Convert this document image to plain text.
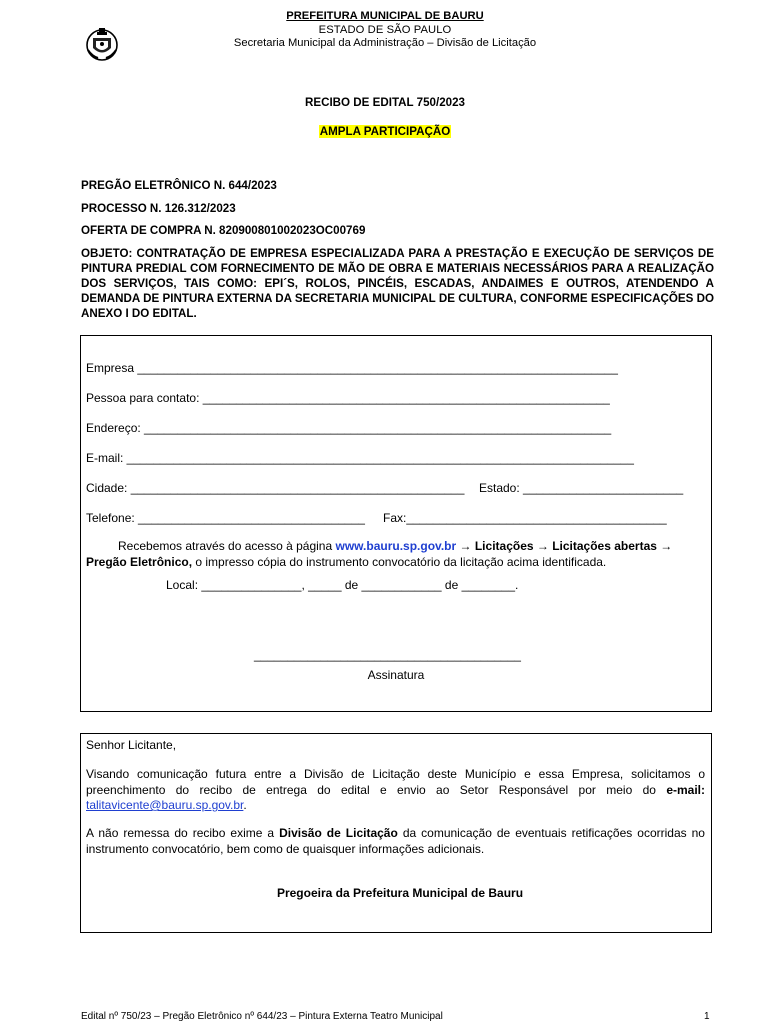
PREFEITURA MUNICIPAL DE BAURU
ESTADO DE SÃO PAULO
Secretaria Municipal da Administração – Divisão de Licitação
RECIBO DE EDITAL 750/2023
AMPLA PARTICIPAÇÃO
PREGÃO ELETRÔNICO N. 644/2023
PROCESSO N. 126.312/2023
OFERTA DE COMPRA N. 820900801002023OC00769
OBJETO: CONTRATAÇÃO DE EMPRESA ESPECIALIZADA PARA A PRESTAÇÃO E EXECUÇÃO DE SERVIÇOS DE PINTURA PREDIAL COM FORNECIMENTO DE MÃO DE OBRA E MATERIAIS NECESSÁRIOS PARA A REALIZAÇÃO DOS SERVIÇOS, TAIS COMO: EPI´S, ROLOS, PINCÉIS, ESCADAS, ANDAIMES E OUTROS, ATENDENDO A DEMANDA DE PINTURA EXTERNA DA SECRETARIA MUNICIPAL DE CULTURA, CONFORME ESPECIFICAÇÕES DO ANEXO I DO EDITAL.
Empresa ________________________________________________________________________
Pessoa para contato: _____________________________________________________________
Endereço: ______________________________________________________________________
E-mail: ____________________________________________________________________________
Cidade: __________________________________________________ Estado: ________________________
Telefone: __________________________________ Fax:_______________________________________
Recebemos através do acesso à página www.bauru.sp.gov.br → Licitações → Licitações abertas → Pregão Eletrônico, o impresso cópia do instrumento convocatório da licitação acima identificada.
Local: _______________, _____ de ____________ de ________.
________________________________________
Assinatura
Senhor Licitante,
Visando comunicação futura entre a Divisão de Licitação deste Município e essa Empresa, solicitamos o preenchimento do recibo de entrega do edital e envio ao Setor Responsável por meio do e-mail: talitavicente@bauru.sp.gov.br.
A não remessa do recibo exime a Divisão de Licitação da comunicação de eventuais retificações ocorridas no instrumento convocatório, bem como de quaisquer informações adicionais.
Pregoeira da Prefeitura Municipal de Bauru
Edital nº 750/23 – Pregão Eletrônico nº 644/23 – Pintura Externa Teatro Municipal	1
